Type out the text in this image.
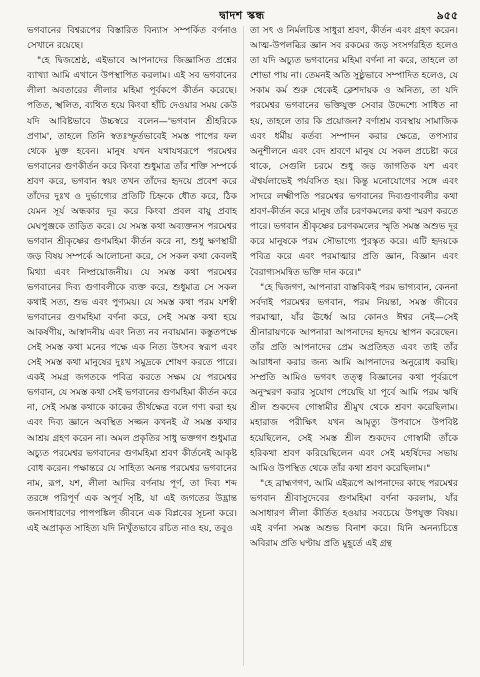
দ্বাদশ স্কন্ধ	৯৫৫

ভগবানের বিশ্বরূপের বিস্তারিত বিন্যাস সম্পর্কিত বর্ণনাও সেখানে রয়েছে।

"হে দ্বিজশ্রেষ্ঠ, এইভাবে আপনাদের জিজ্ঞাসিত প্রশ্নের ব্যাখ্যা আমি এখানে উপস্থাপিত করলাম। এই সব ভগবানের লীলা অবতারের লীলার মহিমা পূর্বকপে কীর্তন করেছে। পতিত, স্খলিত, ব্যথিত হয়ে কিংবা হাঁচি দেওয়ার সময় কেউ যদি আবিষ্টভাবে উচ্চস্বরে বলেন—'ভগবান শ্রীহরিকে প্রণাম', তাহলে তিনি স্বতঃস্ফূর্তভাবেই সমস্ত পাপের ফল থেকে মুক্ত হবেন। মানুষ যখন যথাযথরূপে পরমেশ্বর ভগবানের গুণকীর্তন করে কিংবা শুধুমাত্র তাঁর শক্তি সম্পর্কে শ্রবণ করে, ভগবান স্বয়ং তখন তাঁদের হৃদয়ে প্রবেশ করে তাঁদের দুঃখ ও দুর্ভাগ্যের প্রতিটি চিহ্নকে ধৌত করে, ঠিক যেমন সূর্য অন্ধকার দূর করে কিংবা প্রবল বায়ু প্রবাহ মেঘপুঞ্জকে তাড়িত করে। যে সমস্ত কথা অব্যক্তনস পরমেশ্বর ভগবান শ্রীকৃষ্ণের গুণমহিমা কীর্তন করে না, শুধু ক্ষণস্থায়ী জড় বিষয় সম্পর্কে আলোচনা করে, সে সকল কথা কেবলই মিথ্যা এবং নিষ্প্রয়োজনীয়। যে সমস্ত কথা পরমেশ্বর ভগবানের দিব্য গুণাবলীকে ব্যক্ত করে, শুধুমাত্র সে সকল কথাই সত্য, শুভ এবং পুণ্যময়। যে সমস্ত কথা পরম যশস্বী ভগবানের গুণমহিমা বর্ণনা করে, সেই সমস্ত কথা হয়ে আকর্ষণীয়, আস্বাদনীয় এবং নিত্য নব নবায়মান। কস্তুতপক্ষে সেই সমস্ত কথা মনের পক্ষে এক নিত্য উৎসব স্বরূপ এবং সেই সমস্ত কথা মানুষের দুঃখ সমুদ্রকে শোষণ করতে পারে। একই সমগ্র জগতকে পবিত্র করতে সক্ষম যে পরমেশ্বর ভগবান, যে সমস্ত কথা সেই ভগবানের গুণমহিমা কীর্তন করে না, সেই সমস্ত কথাকে কাকের তীর্থক্ষেত্র বলে গণ্য করা হয় এবং দিব্য জ্ঞানে অবস্থিত সজ্জন কখনই ঐ সমস্ত কথার আশ্রয় গ্রহণ করেন না। অমল প্রকৃতির সাধু ভক্তগণ শুধুমাত্র অচ্যুত পরমেশ্বর ভগবানের গুণমহিমা শ্রবণ কীর্তনেই আকৃষ্ট বোধ করেন। পক্ষান্তরে যে সাহিত্য অনন্ত পরমেশ্বর ভগবানের নাম, রূপ, যশ, লীলা আদির বর্ণনায় পূর্ণ, তা দিব্য শব্দ তরঙ্গে পরিপূর্ণ এক অপূর্ব সৃষ্টি, যা এই জগতের উদ্ভ্রান্ত জনসাধারণের পাপপঙ্কিল জীবনে এক বিপ্লবের সূচনা করে। এই অপ্রাকৃত সাহিত্য যদি নিখুঁতভাবে রচিত নাও হয়, তবুও

তা সৎ ও নির্মলচিত্ত সাধুরা শ্রবণ, কীর্তন এবং গ্রহণ করেন। আত্ম-উপলব্ধির জ্ঞান সব রকমের জড় সংসর্গরহিত হলেও তা যদি অচ্যুত ভগবানের মহিমা বর্ণনা না করে, তাহলে তা শোভা পায় না। তেমনই অতি সুষ্ঠুভাবে সম্পাদিত হলেও, যে সকাম কর্ম শুরু থেকেই ক্লেশদায়ক ও অনিত্য, তা যদি পরমেশ্বর ভগবানের ভক্তিযুক্ত সেবার উদ্দেশ্যে সাধিত না হয়, তাহলে তার কি প্রয়োজন? বর্ণাশ্রম ব্যবস্থায় সামাজিক এবং ধর্মীয় কর্তব্য সম্পাদন করার ক্ষেত্রে, তপস্যার অনুশীলনে এবং বেদ শ্রবণে মানুষ যে সকল প্রচেষ্টা করে থাকে, সেগুলি চরমে শুধু জড় জাগতিক যশ এবং ঐশ্বর্যলাভেই পর্যবসিত হয়। কিন্তু মনোযোগের সঙ্গে এবং সাদরে লক্ষ্মীপতি পরমেশ্বর ভগবানের দিব্যগুণাবলীর কথা শ্রবণ-কীর্তন করে মানুষ তাঁর চরণকমলের কথা স্মরণ করতে পারে। ভগবান শ্রীকৃষ্ণের চরণকমলের স্মৃতি সমস্ত অশুভ দূর করে মানুষকে পরম সৌভাগ্যে পুরস্কৃত করে। এটি হৃদয়কে পবিত্র করে এবং পরমাত্মার প্রতি জ্ঞান, বিজ্ঞান এবং বৈরাগ্যসমন্বিত ভক্তি দান করে।"

"হে দ্বিজগণ, আপনারা বাস্তবিকই পরম ভাগ্যবান, কেননা সর্বদাই পরমেশ্বর ভগবান, পরম নিয়ন্তা, সমস্ত জীবের পরমাত্মা, যাঁর ঊর্ধ্বে আর কোনও ঈশ্বর নেই—সেই শ্রীনারায়ণকে আপনারা আপনাদের হৃদয়ে স্থাপন করেছেন। তাঁর প্রতি আপনাদের প্রেম অপ্রতিহত এবং তাই তাঁর আরাধনা করার জন্য আমি আপনাদের অনুরোধ করছি। সম্প্রতি আমিও ভগবৎ তত্ত্ব বিজ্ঞানের কথা পূর্বরূপে অনুস্মরণ করার সুযোগ পেয়েছি যা পূর্বে আমি পরম ঋষি শ্রীল শুকদেব গোস্বামীর শ্রীমুখ থেকে শ্রবণ করেছিলাম। মহারাজ পরীক্ষিৎ যখন আমৃত্যু উপবাসে উপবিষ্ট হয়েছিলেন, সেই সমস্ত শ্রীল শুকদেব গোস্বামী তাঁকে হরিকথা শ্রবণ করিয়েছিলেন এবং সেই মহর্ষিদের সভায় আমিও উপস্থিত থেকে তাঁর কথা শ্রবণ করেছিলাম।"

"হে ব্রাহ্মণগণ, আমি এইরূপে আপনাদের কাছে পরমেশ্বর ভগবান শ্রীবাসুদেবের গুণমহিমা বর্ণনা করলাম, যাঁর অসাধারণ লীলা কীর্তিত হওয়ার সবচেয়ে উপযুক্ত বিষয়। এই বর্ণনা সমস্ত অশুভ বিনাশ করে। যিনি অনন্যচিত্তে অবিরাম প্রতি ঘণ্টায় প্রতি মুহূর্তে এই গ্রন্থ
